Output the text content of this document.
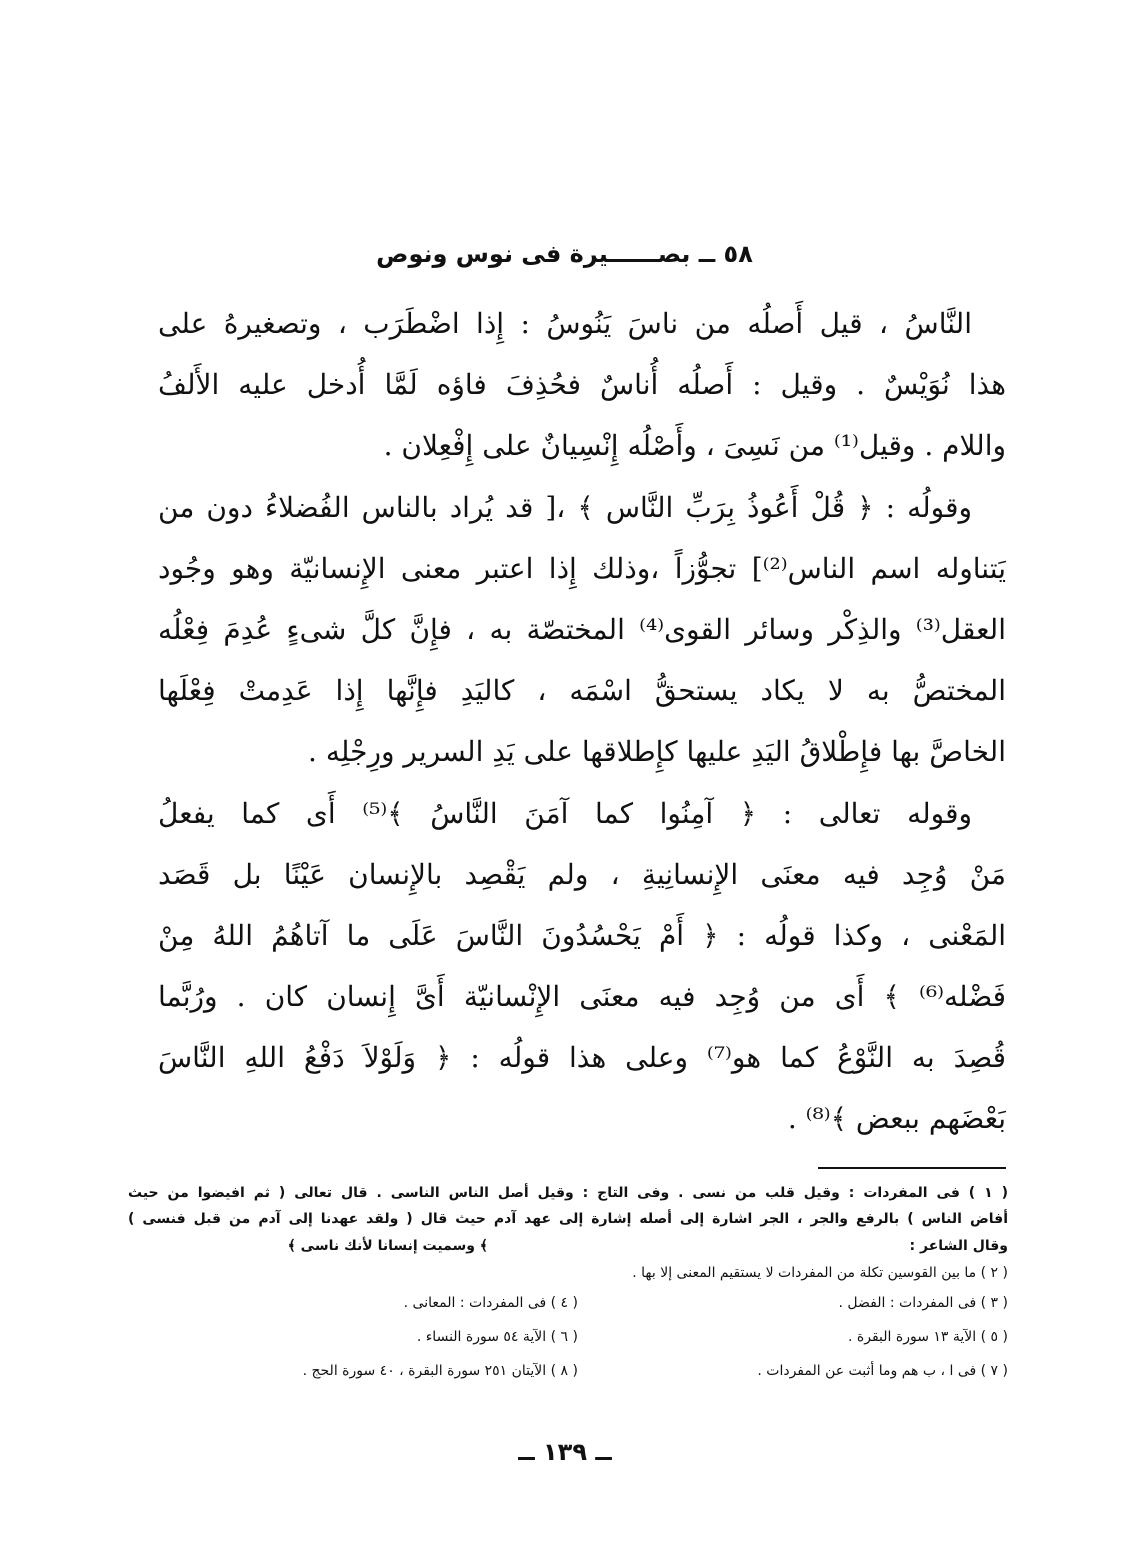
٥٨ ــ بصــــــيرة فى نوس ونوص
النَّاسُ ، قيل أَصلُه من ناسَ يَنُوسُ : إِذا اضْطَرَب ، وتصغيرهُ على
هذا نُوَيْسٌ . وقيل : أَصلُه أُناسٌ فحُذِفَ فاؤه لَمَّا أُدخل عليه الأَلفُ
واللام . وقيل⁽¹⁾ من نَسِىَ ، وأَصْلُه إِنْسِيانٌ على إِفْعِلان .
وقولُه : ﴿ قُلْ أَعُوذُ بِرَبِّ النَّاس ﴾ ،[ قد يُراد بالناس الفُضلاءُ دون من
يَتناوله اسم الناس⁽²⁾] تجوُّزاً ،وذلك إِذا اعتبر معنى الإِنسانيّة وهو وجُود
العقل⁽³⁾ والذِكْر وسائر القوى⁽⁴⁾ المختصّة به ، فإِنَّ كلَّ شىءٍ عُدِمَ فِعْلُه
المختصُّ به لا يكاد يستحقُّ اسْمَه ، كاليَدِ فإِنَّها إِذا عَدِمتْ فِعْلَها
الخاصَّ بها فإِطْلاقُ اليَدِ عليها كإِطلاقها على يَدِ السرير ورِجْلِه .
وقوله تعالى : ﴿ آمِنُوا كما آمَنَ النَّاسُ ﴾⁽⁵⁾ أَى كما يفعلُ
مَنْ وُجِد فيه معنَى الإِنسانِيةِ ، ولم يَقْصِد بالإِنسان عَيْنًا بل قَصَد
المَعْنى ، وكذا قولُه : ﴿ أَمْ يَحْسُدُونَ النَّاسَ عَلَى ما آتاهُمُ اللهُ مِنْ
فَضْله⁽⁶⁾ ﴾ أَى من وُجِد فيه معنَى الإِنْسانيّة أَىَّ إِنسان كان . ورُبَّما
قُصِدَ به النَّوْعُ كما هو⁽⁷⁾ وعلى هذا قولُه : ﴿ وَلَوْلاَ دَفْعُ اللهِ النَّاسَ
بَعْضَهم ببعض ﴾⁽⁸⁾ .
( ١ ) فى المفردات : وقيل قلب من نسى . وفى التاج : وقيل أصل الناس الناسى . قال تعالى ( ثم افيضوا من حيث
أفاض الناس ) بالرفع والجر ، الجر اشارة إلى أصله إشارة إلى عهد آدم حيث قال ( ولقد عهدنا إلى آدم من قبل فنسى )
وقال الشاعر :
﴾ وسميت إنسانا لأنك ناسى ﴾
( ٢ ) ما بين القوسين تكلة من المفردات لا يستقيم المعنى إلا بها .
( ٣ ) فى المفردات : الفضل .
( ٤ ) فى المفردات : المعانى .
( ٥ ) الآية ١٣ سورة البقرة .
( ٦ ) الآية ٥٤ سورة النساء .
( ٧ ) فى ا ، ب هم وما أثبت عن المفردات .
( ٨ ) الآيتان ٢٥١ سورة البقرة ، ٤٠ سورة الحج .
ــ ١٣٩ ــ
